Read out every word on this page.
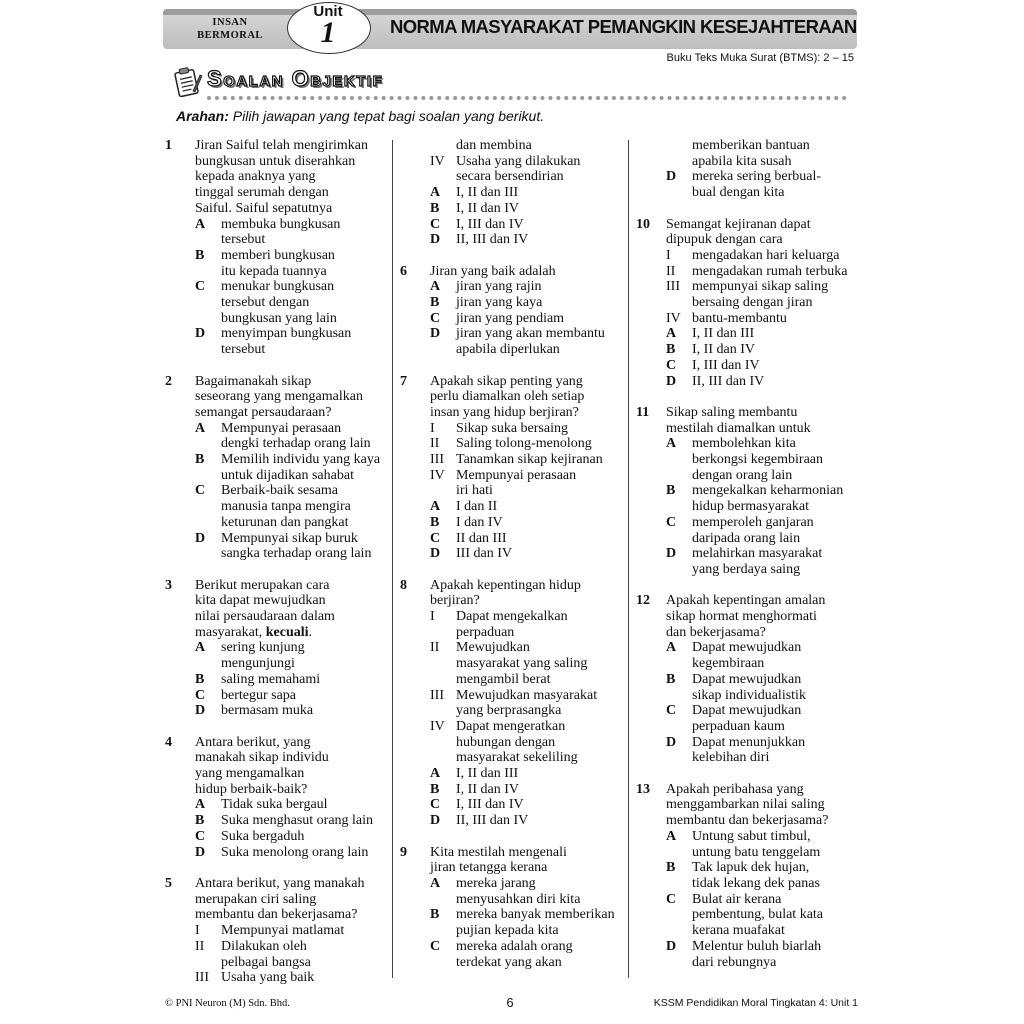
INSAN
BERMORAL
Unit
1	NORMA MASYARAKAT PEMANGKIN KESEJAHTERAAN
Buku Teks Muka Surat (BTMS): 2 – 15
Soalan Objektif
Arahan: Pilih jawapan yang tepat bagi soalan yang berikut.
1 Jiran Saiful telah mengirimkan
bungkusan untuk diserahkan
kepada anaknya yang
tinggal serumah dengan
Saiful. Saiful sepatutnya
A	membuka bungkusan
tersebut
B	memberi bungkusan
itu kepada tuannya
C	menukar bungkusan
tersebut dengan
bungkusan yang lain
D	menyimpan bungkusan
tersebut
2 Bagaimanakah sikap
seseorang yang mengamalkan
semangat persaudaraan?
A	Mempunyai perasaan
dengki terhadap orang lain
B	Memilih individu yang kaya
untuk dijadikan sahabat
C	Berbaik-baik sesama
manusia tanpa mengira
keturunan dan pangkat
D	Mempunyai sikap buruk
sangka terhadap orang lain
3 Berikut merupakan cara
kita dapat mewujudkan
nilai persaudaraan dalam
masyarakat, kecuali.
A	sering kunjung
mengunjungi
B	saling memahami
C	bertegur sapa
D	bermasam muka
4 Antara berikut, yang
manakah sikap individu
yang mengamalkan
hidup berbaik-baik?
A	Tidak suka bergaul
B	Suka menghasut orang lain
C	Suka bergaduh
D	Suka menolong orang lain
5 Antara berikut, yang manakah
merupakan ciri saling
membantu dan bekerjasama?
I	Mempunyai matlamat
II	Dilakukan oleh
pelbagai bangsa
III Usaha yang baik
dan membina
IV Usaha yang dilakukan
secara bersendirian
A	I, II dan III
B	I, II dan IV
C	I, III dan IV
D	II, III dan IV
6 Jiran yang baik adalah
A	jiran yang rajin
B	jiran yang kaya
C	jiran yang pendiam
D	jiran yang akan membantu
apabila diperlukan
7 Apakah sikap penting yang
perlu diamalkan oleh setiap
insan yang hidup berjiran?
I	Sikap suka bersaing
II	Saling tolong-menolong
III Tanamkan sikap kejiranan
IV Mempunyai perasaan
iri hati
A	I dan II
B	I dan IV
C	II dan III
D	III dan IV
8 Apakah kepentingan hidup
berjiran?
I	Dapat mengekalkan
perpaduan
II	Mewujudkan
masyarakat yang saling
mengambil berat
III Mewujudkan masyarakat
yang berprasangka
IV Dapat mengeratkan
hubungan dengan
masyarakat sekeliling
A	I, II dan III
B	I, II dan IV
C	I, III dan IV
D	II, III dan IV
9 Kita mestilah mengenali
jiran tetangga kerana
A	mereka jarang
menyusahkan diri kita
B	mereka banyak memberikan
pujian kepada kita
C	mereka adalah orang
terdekat yang akan
memberikan bantuan
apabila kita susah
D	mereka sering berbual-
bual dengan kita
10 Semangat kejiranan dapat
dipupuk dengan cara
I	mengadakan hari keluarga
II	mengadakan rumah terbuka
III mempunyai sikap saling
bersaing dengan jiran
IV bantu-membantu
A	I, II dan III
B	I, II dan IV
C	I, III dan IV
D	II, III dan IV
11 Sikap saling membantu
mestilah diamalkan untuk
A	membolehkan kita
berkongsi kegembiraan
dengan orang lain
B	mengekalkan keharmonian
hidup bermasyarakat
C	memperoleh ganjaran
daripada orang lain
D	melahirkan masyarakat
yang berdaya saing
12 Apakah kepentingan amalan
sikap hormat menghormati
dan bekerjasama?
A	Dapat mewujudkan
kegembiraan
B	Dapat mewujudkan
sikap individualistik
C	Dapat mewujudkan
perpaduan kaum
D	Dapat menunjukkan
kelebihan diri
13 Apakah peribahasa yang
menggambarkan nilai saling
membantu dan bekerjasama?
A	Untung sabut timbul,
untung batu tenggelam
B	Tak lapuk dek hujan,
tidak lekang dek panas
C	Bulat air kerana
pembentung, bulat kata
kerana muafakat
D	Melentur buluh biarlah
dari rebungnya
© PNI Neuron (M) Sdn. Bhd.	6	KSSM Pendidikan Moral Tingkatan 4: Unit 1
